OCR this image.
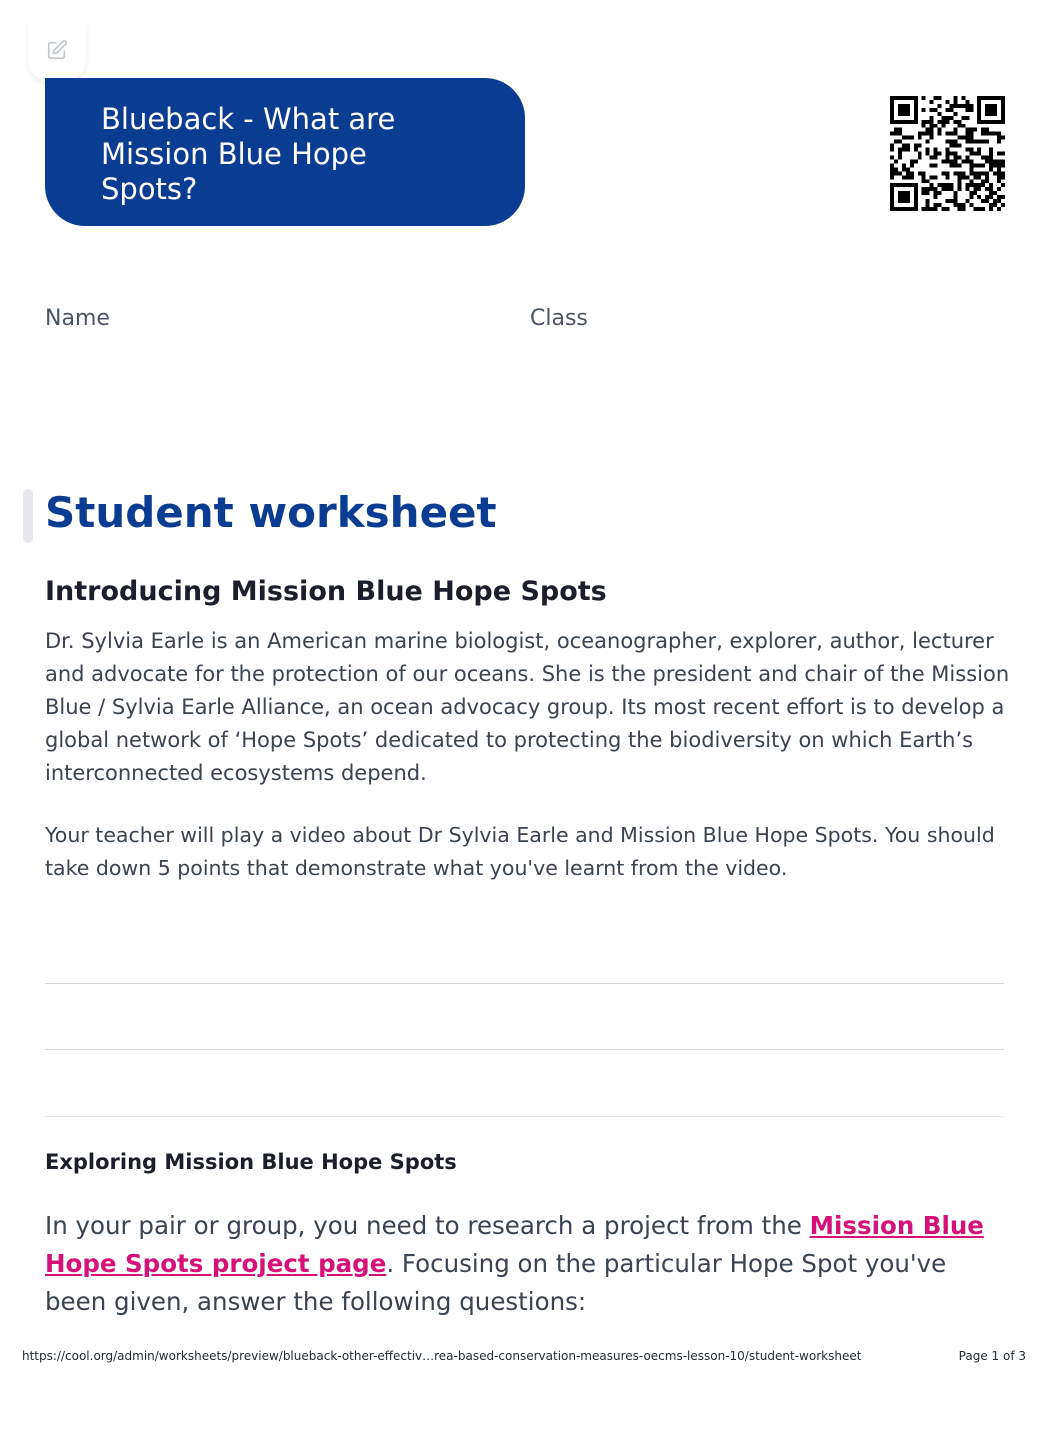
Blueback - What are Mission Blue Hope Spots?
Name	Class
Student worksheet
Introducing Mission Blue Hope Spots

Dr. Sylvia Earle is an American marine biologist, oceanographer, explorer, author, lecturer and advocate for the protection of our oceans. She is the president and chair of the Mission Blue / Sylvia Earle Alliance, an ocean advocacy group. Its most recent effort is to develop a global network of ‘Hope Spots’ dedicated to protecting the biodiversity on which Earth’s interconnected ecosystems depend.

Your teacher will play a video about Dr Sylvia Earle and Mission Blue Hope Spots. You should take down 5 points that demonstrate what you've learnt from the video.

Exploring Mission Blue Hope Spots

In your pair or group, you need to research a project from the Mission Blue Hope Spots project page. Focusing on the particular Hope Spot you've been given, answer the following questions:

https://cool.org/admin/worksheets/preview/blueback-other-effectiv…rea-based-conservation-measures-oecms-lesson-10/student-worksheet	Page 1 of 3
